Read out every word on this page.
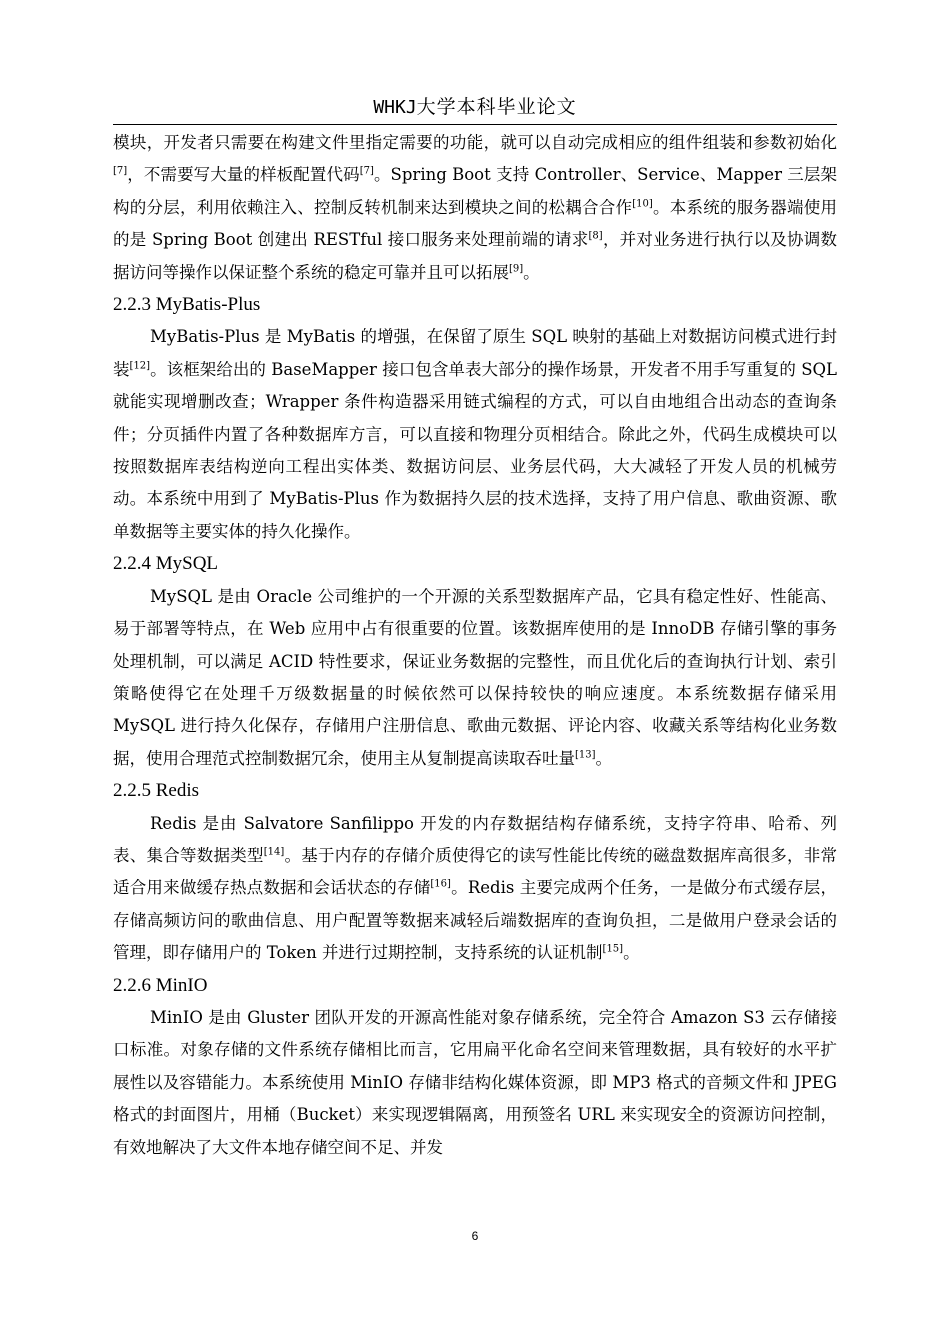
WHKJ大学本科毕业论文

模块，开发者只需要在构建文件里指定需要的功能，就可以自动完成相应的组件组装和参数初始化[7]，不需要写大量的样板配置代码[7]。Spring Boot 支持 Controller、Service、Mapper 三层架构的分层，利用依赖注入、控制反转机制来达到模块之间的松耦合合作[10]。本系统的服务器端使用的是 Spring Boot 创建出 RESTful 接口服务来处理前端的请求[8]，并对业务进行执行以及协调数据访问等操作以保证整个系统的稳定可靠并且可以拓展[9]。

2.2.3 MyBatis-Plus

MyBatis-Plus 是 MyBatis 的增强，在保留了原生 SQL 映射的基础上对数据访问模式进行封装[12]。该框架给出的 BaseMapper 接口包含单表大部分的操作场景，开发者不用手写重复的 SQL 就能实现增删改查；Wrapper 条件构造器采用链式编程的方式，可以自由地组合出动态的查询条件；分页插件内置了各种数据库方言，可以直接和物理分页相结合。除此之外，代码生成模块可以按照数据库表结构逆向工程出实体类、数据访问层、业务层代码，大大减轻了开发人员的机械劳动。本系统中用到了 MyBatis-Plus 作为数据持久层的技术选择，支持了用户信息、歌曲资源、歌单数据等主要实体的持久化操作。

2.2.4 MySQL

MySQL 是由 Oracle 公司维护的一个开源的关系型数据库产品，它具有稳定性好、性能高、易于部署等特点，在 Web 应用中占有很重要的位置。该数据库使用的是 InnoDB 存储引擎的事务处理机制，可以满足 ACID 特性要求，保证业务数据的完整性，而且优化后的查询执行计划、索引策略使得它在处理千万级数据量的时候依然可以保持较快的响应速度。本系统数据存储采用 MySQL 进行持久化保存，存储用户注册信息、歌曲元数据、评论内容、收藏关系等结构化业务数据，使用合理范式控制数据冗余，使用主从复制提高读取吞吐量[13]。

2.2.5 Redis

Redis 是由 Salvatore Sanfilippo 开发的内存数据结构存储系统，支持字符串、哈希、列表、集合等数据类型[14]。基于内存的存储介质使得它的读写性能比传统的磁盘数据库高很多，非常适合用来做缓存热点数据和会话状态的存储[16]。Redis 主要完成两个任务，一是做分布式缓存层，存储高频访问的歌曲信息、用户配置等数据来减轻后端数据库的查询负担，二是做用户登录会话的管理，即存储用户的 Token 并进行过期控制，支持系统的认证机制[15]。

2.2.6 MinIO

MinIO 是由 Gluster 团队开发的开源高性能对象存储系统，完全符合 Amazon S3 云存储接口标准。对象存储的文件系统存储相比而言，它用扁平化命名空间来管理数据，具有较好的水平扩展性以及容错能力。本系统使用 MinIO 存储非结构化媒体资源，即 MP3 格式的音频文件和 JPEG 格式的封面图片，用桶（Bucket）来实现逻辑隔离，用预签名 URL 来实现安全的资源访问控制，有效地解决了大文件本地存储空间不足、并发

6
